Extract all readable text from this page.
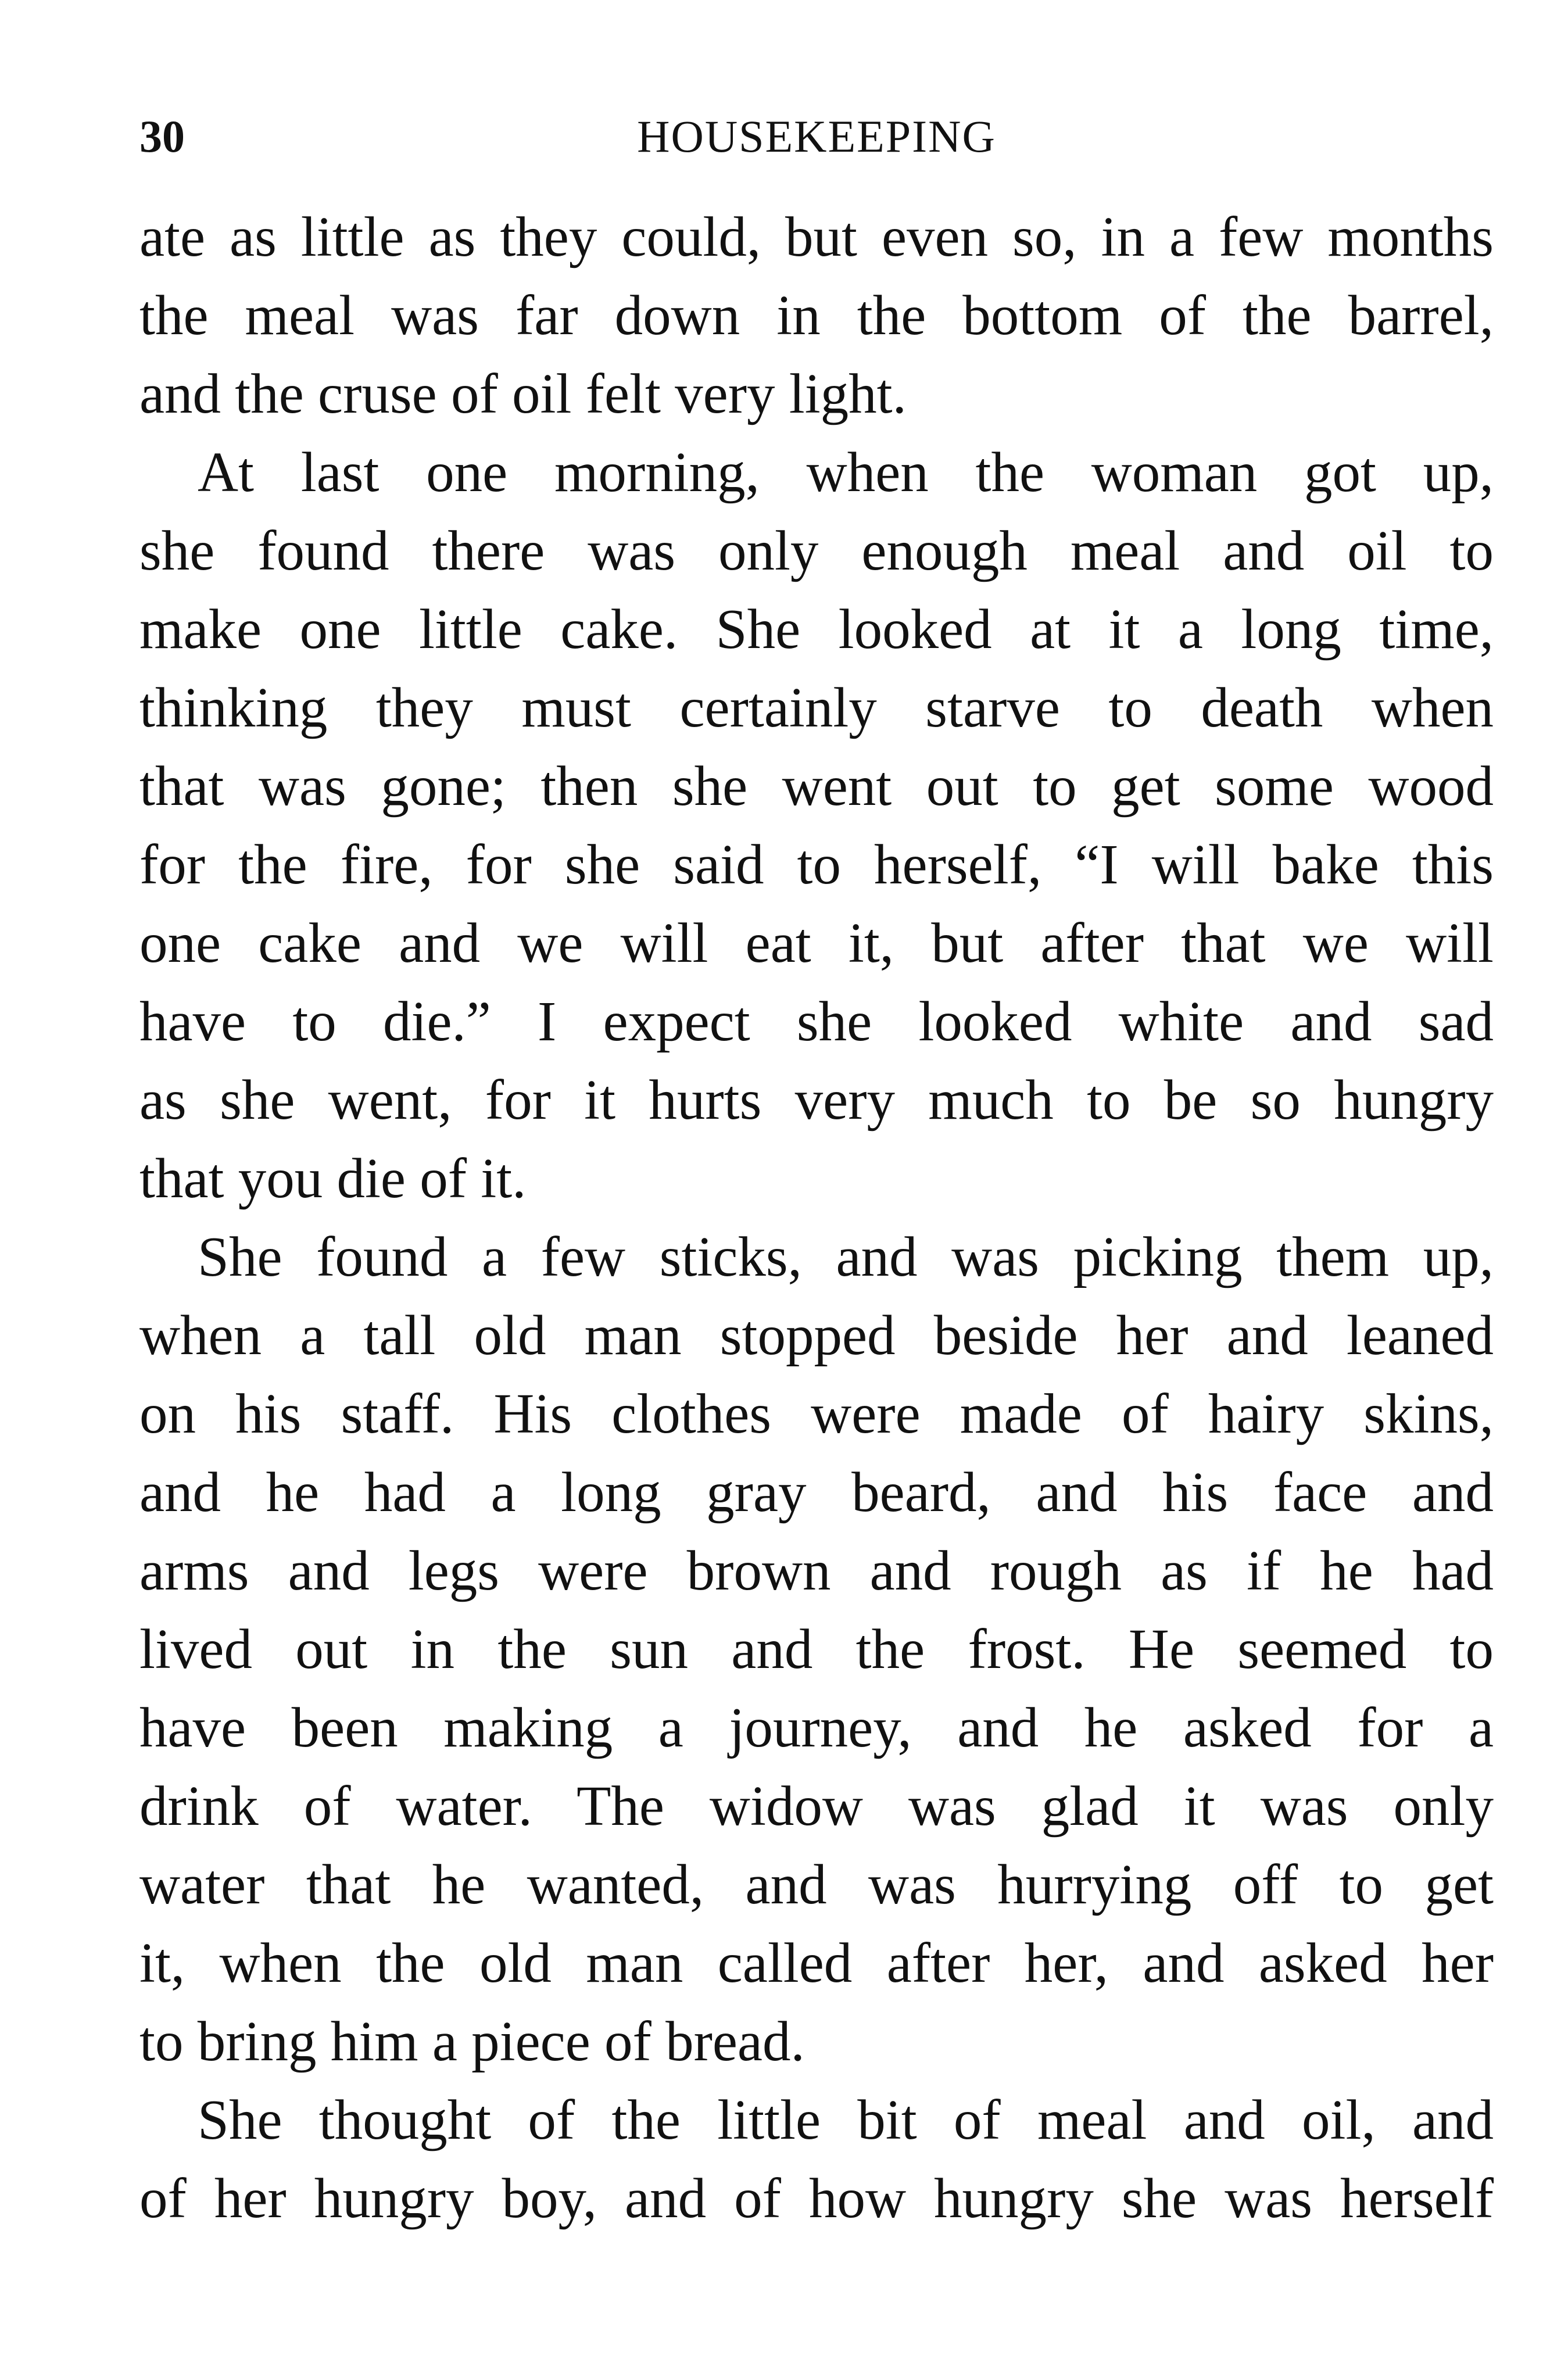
30	HOUSEKEEPING
ate as little as they could, but even so, in a few months
the meal was far down in the bottom of the barrel,
and the cruse of oil felt very light.
At last one morning, when the woman got up,
she found there was only enough meal and oil to
make one little cake. She looked at it a long time,
thinking they must certainly starve to death when
that was gone; then she went out to get some wood
for the fire, for she said to herself, “I will bake this
one cake and we will eat it, but after that we will
have to die.” I expect she looked white and sad
as she went, for it hurts very much to be so hungry
that you die of it.
She found a few sticks, and was picking them up,
when a tall old man stopped beside her and leaned
on his staff. His clothes were made of hairy skins,
and he had a long gray beard, and his face and
arms and legs were brown and rough as if he had
lived out in the sun and the frost. He seemed to
have been making a journey, and he asked for a
drink of water. The widow was glad it was only
water that he wanted, and was hurrying off to get
it, when the old man called after her, and asked her
to bring him a piece of bread.
She thought of the little bit of meal and oil, and
of her hungry boy, and of how hungry she was herself
